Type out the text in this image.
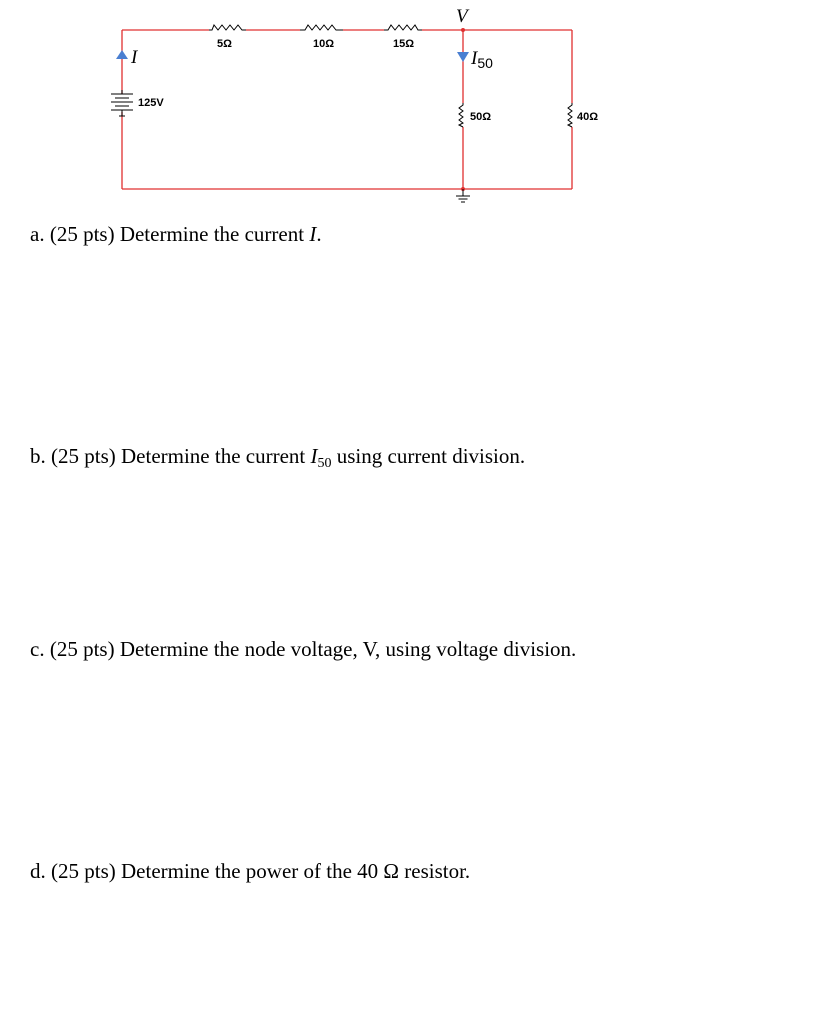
5Ω	10Ω	15Ω
50Ω	40Ω
125V
I
V
I50
a. (25 pts) Determine the current I.
b. (25 pts) Determine the current $I_{50}$ using current division.
c. (25 pts) Determine the node voltage, V, using voltage division.
d. (25 pts) Determine the power of the 40 Ω resistor.
